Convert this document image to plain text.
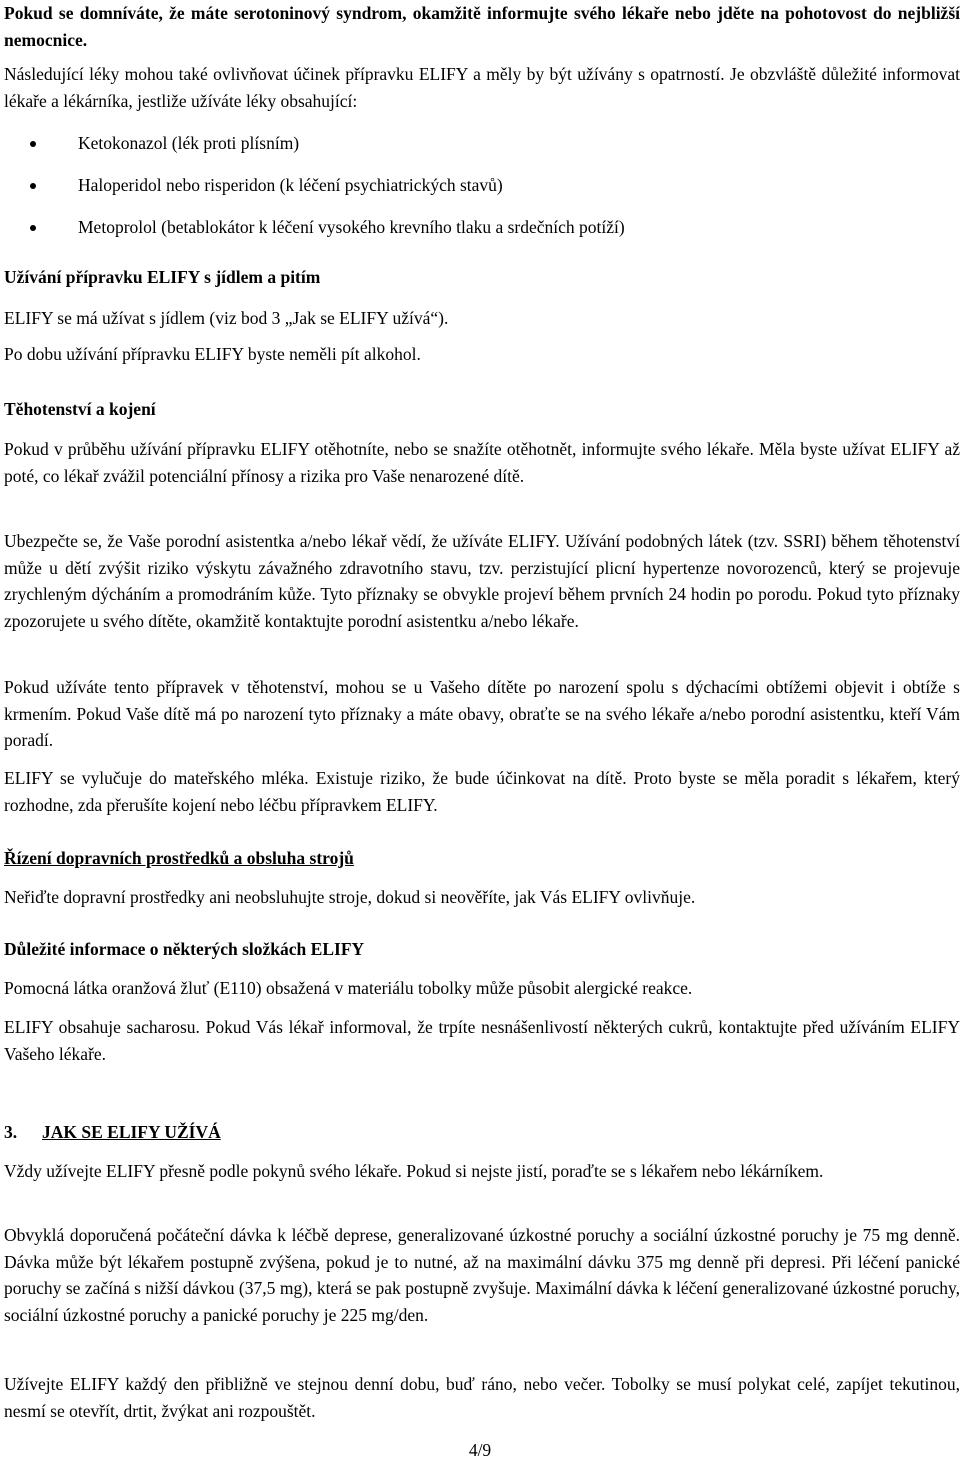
Pokud se domníváte, že máte serotoninový syndrom, okamžitě informujte svého lékaře nebo jděte na pohotovost do nejbližší nemocnice.

Následující léky mohou také ovlivňovat účinek přípravku ELIFY a měly by být užívány s opatrností. Je obzvláště důležité informovat lékaře a lékárníka, jestliže užíváte léky obsahující:

Ketokonazol (lék proti plísním)
Haloperidol nebo risperidon (k léčení psychiatrických stavů)
Metoprolol (betablokátor k léčení vysokého krevního tlaku a srdečních potíží)

Užívání přípravku ELIFY s jídlem a pitím

ELIFY se má užívat s jídlem (viz bod 3 „Jak se ELIFY užívá“).

Po dobu užívání přípravku ELIFY byste neměli pít alkohol.

Těhotenství a kojení

Pokud v průběhu užívání přípravku ELIFY otěhotníte, nebo se snažíte otěhotnět, informujte svého lékaře. Měla byste užívat ELIFY až poté, co lékař zvážil potenciální přínosy a rizika pro Vaše nenarozené dítě.

Ubezpečte se, že Vaše porodní asistentka a/nebo lékař vědí, že užíváte ELIFY. Užívání podobných látek (tzv. SSRI) během těhotenství může u dětí zvýšit riziko výskytu závažného zdravotního stavu, tzv. perzistující plicní hypertenze novorozenců, který se projevuje zrychleným dýcháním a promodráním kůže. Tyto příznaky se obvykle projeví během prvních 24 hodin po porodu. Pokud tyto příznaky zpozorujete u svého dítěte, okamžitě kontaktujte porodní asistentku a/nebo lékaře.

Pokud užíváte tento přípravek v těhotenství, mohou se u Vašeho dítěte po narození spolu s dýchacími obtížemi objevit i obtíže s krmením. Pokud Vaše dítě má po narození tyto příznaky a máte obavy, obraťte se na svého lékaře a/nebo porodní asistentku, kteří Vám poradí.

ELIFY se vylučuje do mateřského mléka. Existuje riziko, že bude účinkovat na dítě. Proto byste se měla poradit s lékařem, který rozhodne, zda přerušíte kojení nebo léčbu přípravkem ELIFY.

Řízení dopravních prostředků a obsluha strojů

Neřiďte dopravní prostředky ani neobsluhujte stroje, dokud si neověříte, jak Vás ELIFY ovlivňuje.

Důležité informace o některých složkách ELIFY

Pomocná látka oranžová žluť (E110) obsažená v materiálu tobolky může působit alergické reakce.

ELIFY obsahuje sacharosu. Pokud Vás lékař informoval, že trpíte nesnášenlivostí některých cukrů, kontaktujte před užíváním ELIFY Vašeho lékaře.

3. JAK SE ELIFY UŽÍVÁ

Vždy užívejte ELIFY přesně podle pokynů svého lékaře. Pokud si nejste jistí, poraďte se s lékařem nebo lékárníkem.

Obvyklá doporučená počáteční dávka k léčbě deprese, generalizované úzkostné poruchy a sociální úzkostné poruchy je 75 mg denně. Dávka může být lékařem postupně zvýšena, pokud je to nutné, až na maximální dávku 375 mg denně při depresi. Při léčení panické poruchy se začíná s nižší dávkou (37,5 mg), která se pak postupně zvyšuje. Maximální dávka k léčení generalizované úzkostné poruchy, sociální úzkostné poruchy a panické poruchy je 225 mg/den.

Užívejte ELIFY každý den přibližně ve stejnou denní dobu, buď ráno, nebo večer. Tobolky se musí polykat celé, zapíjet tekutinou, nesmí se otevřít, drtit, žvýkat ani rozpouštět.

4/9
